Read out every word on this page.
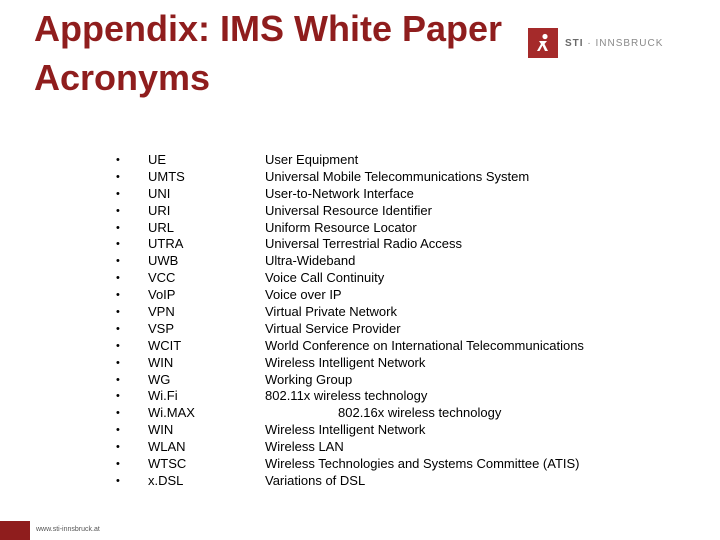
Appendix: IMS White Paper Acronyms
STI · INNSBRUCK
• UE	User Equipment
• UMTS	Universal Mobile Telecommunications System
• UNI	User-to-Network Interface
• URI	Universal Resource Identifier
• URL	Uniform Resource Locator
• UTRA	Universal Terrestrial Radio Access
• UWB	Ultra-Wideband
• VCC	Voice Call Continuity
• VoIP	Voice over IP
• VPN	Virtual Private Network
• VSP	Virtual Service Provider
• WCIT	World Conference on International Telecommunications
• WIN	Wireless Intelligent Network
• WG	Working Group
• Wi.Fi	802.11x wireless technology
• Wi.MAX	802.16x wireless technology
• WIN	Wireless Intelligent Network
• WLAN	Wireless LAN
• WTSC	Wireless Technologies and Systems Committee (ATIS)
• x.DSL	Variations of DSL
www.sti-innsbruck.at
